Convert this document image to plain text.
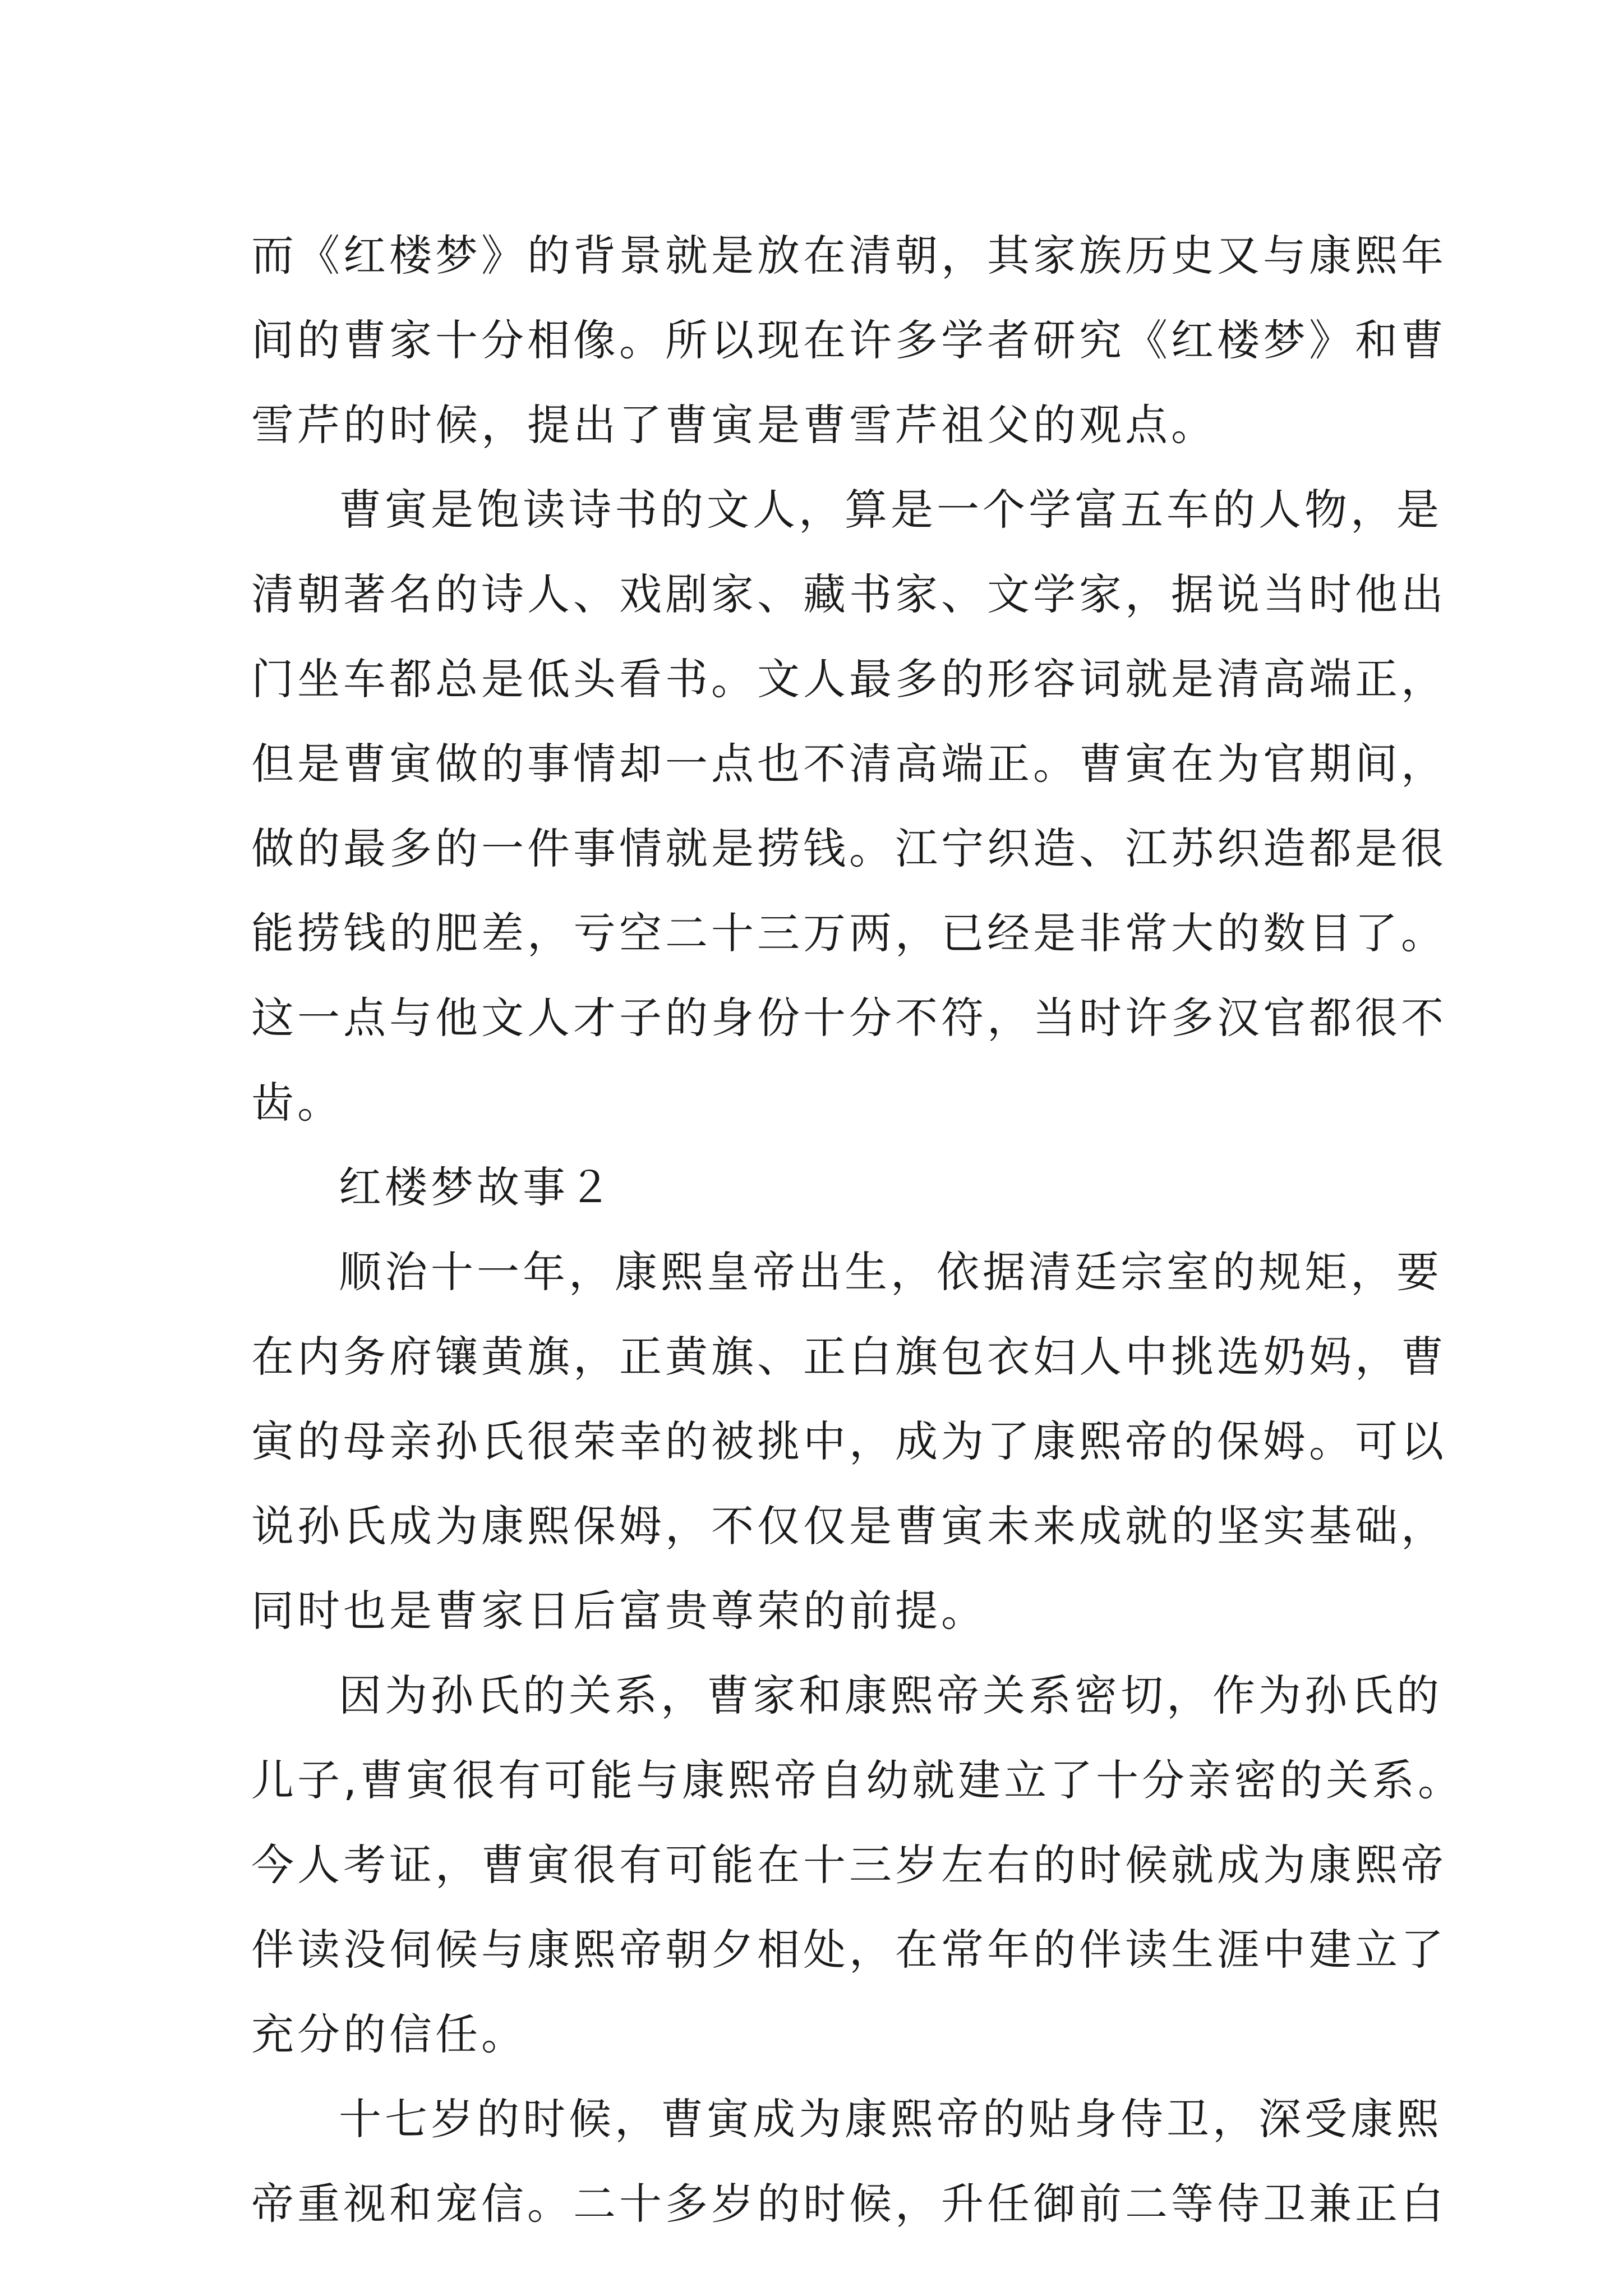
而《红楼梦》的背景就是放在清朝，其家族历史又与康熙年
间的曹家十分相像。所以现在许多学者研究《红楼梦》和曹
雪芹的时候，提出了曹寅是曹雪芹祖父的观点。
曹寅是饱读诗书的文人，算是一个学富五车的人物，是
清朝著名的诗人、戏剧家、藏书家、文学家，据说当时他出
门坐车都总是低头看书。文人最多的形容词就是清高端正，
但是曹寅做的事情却一点也不清高端正。曹寅在为官期间，
做的最多的一件事情就是捞钱。江宁织造、江苏织造都是很
能捞钱的肥差，亏空二十三万两，已经是非常大的数目了。
这一点与他文人才子的身份十分不符，当时许多汉官都很不
齿。
红楼梦故事２
顺治十一年，康熙皇帝出生，依据清廷宗室的规矩，要
在内务府镶黄旗，正黄旗、正白旗包衣妇人中挑选奶妈，曹
寅的母亲孙氏很荣幸的被挑中，成为了康熙帝的保姆。可以
说孙氏成为康熙保姆，不仅仅是曹寅未来成就的坚实基础，
同时也是曹家日后富贵尊荣的前提。
因为孙氏的关系，曹家和康熙帝关系密切，作为孙氏的
儿子,曹寅很有可能与康熙帝自幼就建立了十分亲密的关系。
今人考证，曹寅很有可能在十三岁左右的时候就成为康熙帝
伴读没伺候与康熙帝朝夕相处，在常年的伴读生涯中建立了
充分的信任。
十七岁的时候，曹寅成为康熙帝的贴身侍卫，深受康熙
帝重视和宠信。二十多岁的时候，升任御前二等侍卫兼正白
